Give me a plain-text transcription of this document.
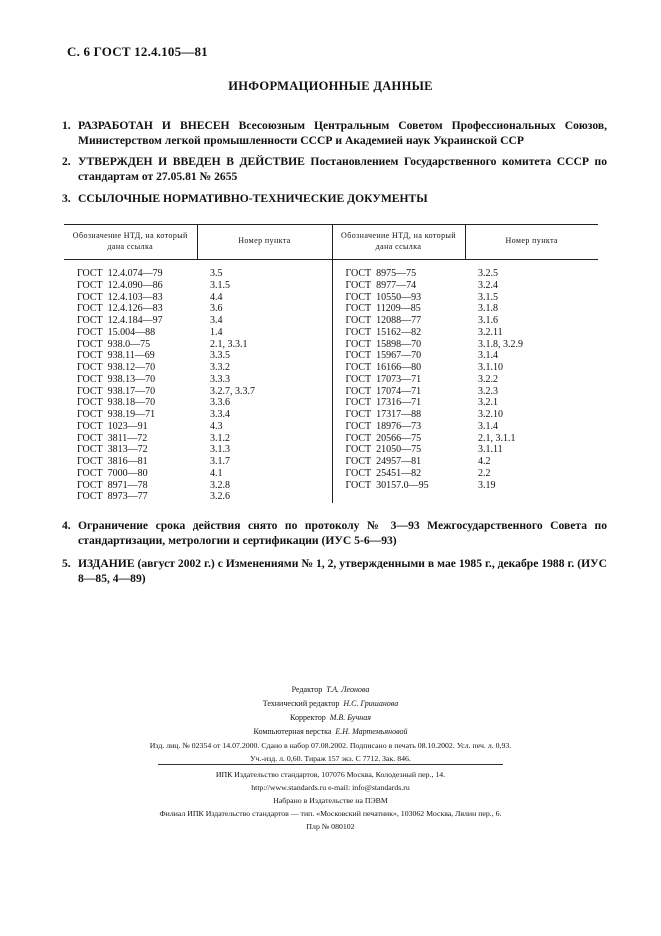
С. 6 ГОСТ 12.4.105—81
ИНФОРМАЦИОННЫЕ ДАННЫЕ
1. РАЗРАБОТАН И ВНЕСЕН Всесоюзным Центральным Советом Профессиональных Союзов, Министерством легкой промышленности СССР и Академией наук Украинской ССР
2. УТВЕРЖДЕН И ВВЕДЕН В ДЕЙСТВИЕ Постановлением Государственного комитета СССР по стандартам от 27.05.81 № 2655
3. ССЫЛОЧНЫЕ НОРМАТИВНО-ТЕХНИЧЕСКИЕ ДОКУМЕНТЫ
Обозначение НТД, на который дана ссылка	Номер пункта	Обозначение НТД, на который дана ссылка	Номер пункта
ГОСТ  12.4.074—79	3.5	ГОСТ  8975—75	3.2.5
ГОСТ  12.4.090—86	3.1.5	ГОСТ  8977—74	3.2.4
ГОСТ  12.4.103—83	4.4	ГОСТ  10550—93	3.1.5
ГОСТ  12.4.126—83	3.6	ГОСТ  11209—85	3.1.8
ГОСТ  12.4.184—97	3.4	ГОСТ  12088—77	3.1.6
ГОСТ  15.004—88	1.4	ГОСТ  15162—82	3.2.11
ГОСТ  938.0—75	2.1, 3.3.1	ГОСТ  15898—70	3.1.8, 3.2.9
ГОСТ  938.11—69	3.3.5	ГОСТ  15967—70	3.1.4
ГОСТ  938.12—70	3.3.2	ГОСТ  16166—80	3.1.10
ГОСТ  938.13—70	3.3.3	ГОСТ  17073—71	3.2.2
ГОСТ  938.17—70	3.2.7, 3.3.7	ГОСТ  17074—71	3.2.3
ГОСТ  938.18—70	3.3.6	ГОСТ  17316—71	3.2.1
ГОСТ  938.19—71	3.3.4	ГОСТ  17317—88	3.2.10
ГОСТ  1023—91	4.3	ГОСТ  18976—73	3.1.4
ГОСТ  3811—72	3.1.2	ГОСТ  20566—75	2.1, 3.1.1
ГОСТ  3813—72	3.1.3	ГОСТ  21050—75	3.1.11
ГОСТ  3816—81	3.1.7	ГОСТ  24957—81	4.2
ГОСТ  7000—80	4.1	ГОСТ  25451—82	2.2
ГОСТ  8971—78	3.2.8	ГОСТ  30157.0—95	3.19
ГОСТ  8973—77	3.2.6		
4. Ограничение срока действия снято по протоколу № 3—93 Межгосударственного Совета по стандартизации, метрологии и сертификации (ИУС 5-6—93)
5. ИЗДАНИЕ (август 2002 г.) с Изменениями № 1, 2, утвержденными в мае 1985 г., декабре 1988 г. (ИУС 8—85, 4—89)
Редактор Т.А. Леонова
Технический редактор Н.С. Гришанова
Корректор М.В. Бучная
Компьютерная верстка Е.Н. Мартемьяновой
Изд. лиц. № 02354 от 14.07.2000. Сдано в набор 07.08.2002. Подписано в печать 08.10.2002. Усл. печ. л. 0,93.
Уч.-изд. л. 0,60. Тираж 157 экз. С 7712. Зак. 846.
ИПК Издательство стандартов, 107076 Москва, Колодезный пер., 14.
http://www.standards.ru e-mail: info@standards.ru
Набрано в Издательстве на ПЭВМ
Филиал ИПК Издательство стандартов — тип. «Московский печатник», 103062 Москва, Лялин пер., 6.
Плр № 080102
